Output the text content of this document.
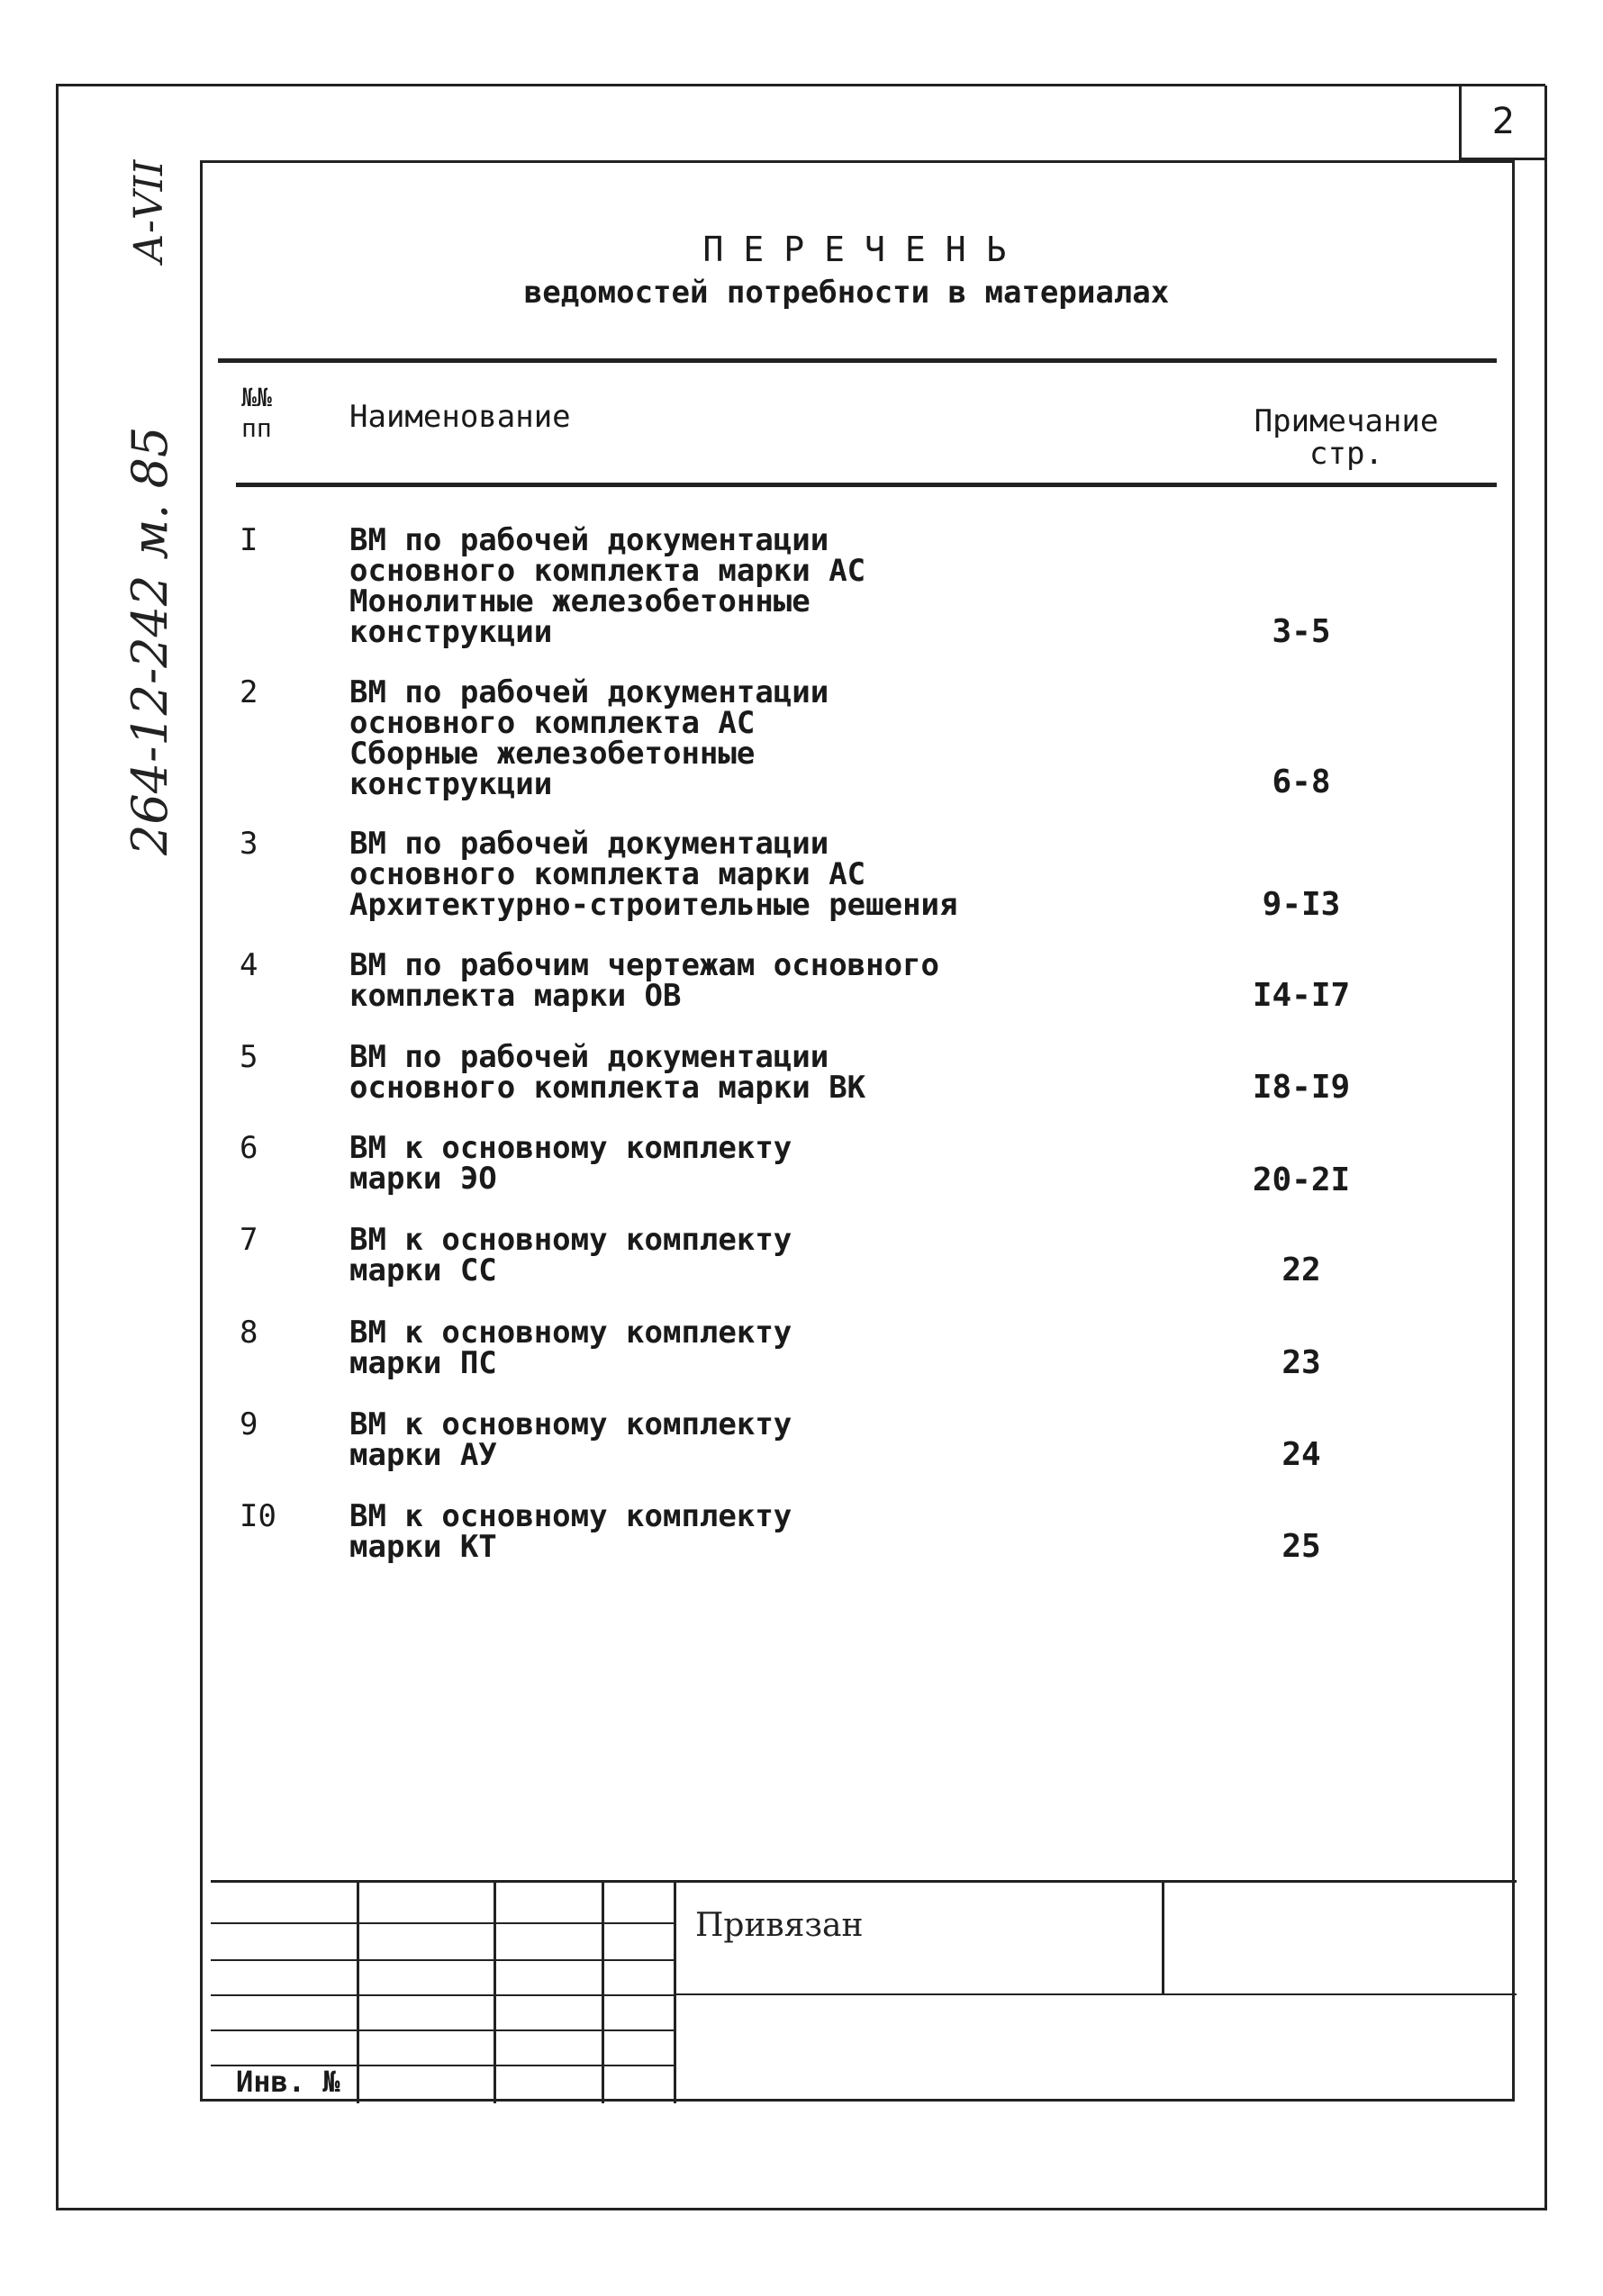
2
264-12-242 м. 85
А-VII	ПЕРЕЧЕНЬ
ведомостей потребности в материалах
№№ пп	Наименование	Примечание стр.
I	ВМ по рабочей документации
основного комплекта марки АС
Монолитные железобетонные
конструкции	3-5
2	ВМ по рабочей документации
основного комплекта АС
Сборные железобетонные
конструкции	6-8
3	ВМ по рабочей документации
основного комплекта марки АС
Архитектурно-строительные решения	9-I3
4	ВМ по рабочим чертежам основного
комплекта марки ОВ	I4-I7
5	ВМ по рабочей документации
основного комплекта марки ВК	I8-I9
6	ВМ к основному комплекту
марки ЭО	20-2I
7	ВМ к основному комплекту
марки СС	22
8	ВМ к основному комплекту
марки ПС	23
9	ВМ к основному комплекту
марки АУ	24
I0	ВМ к основному комплекту
марки КТ	25
Привязан
Инв. №
